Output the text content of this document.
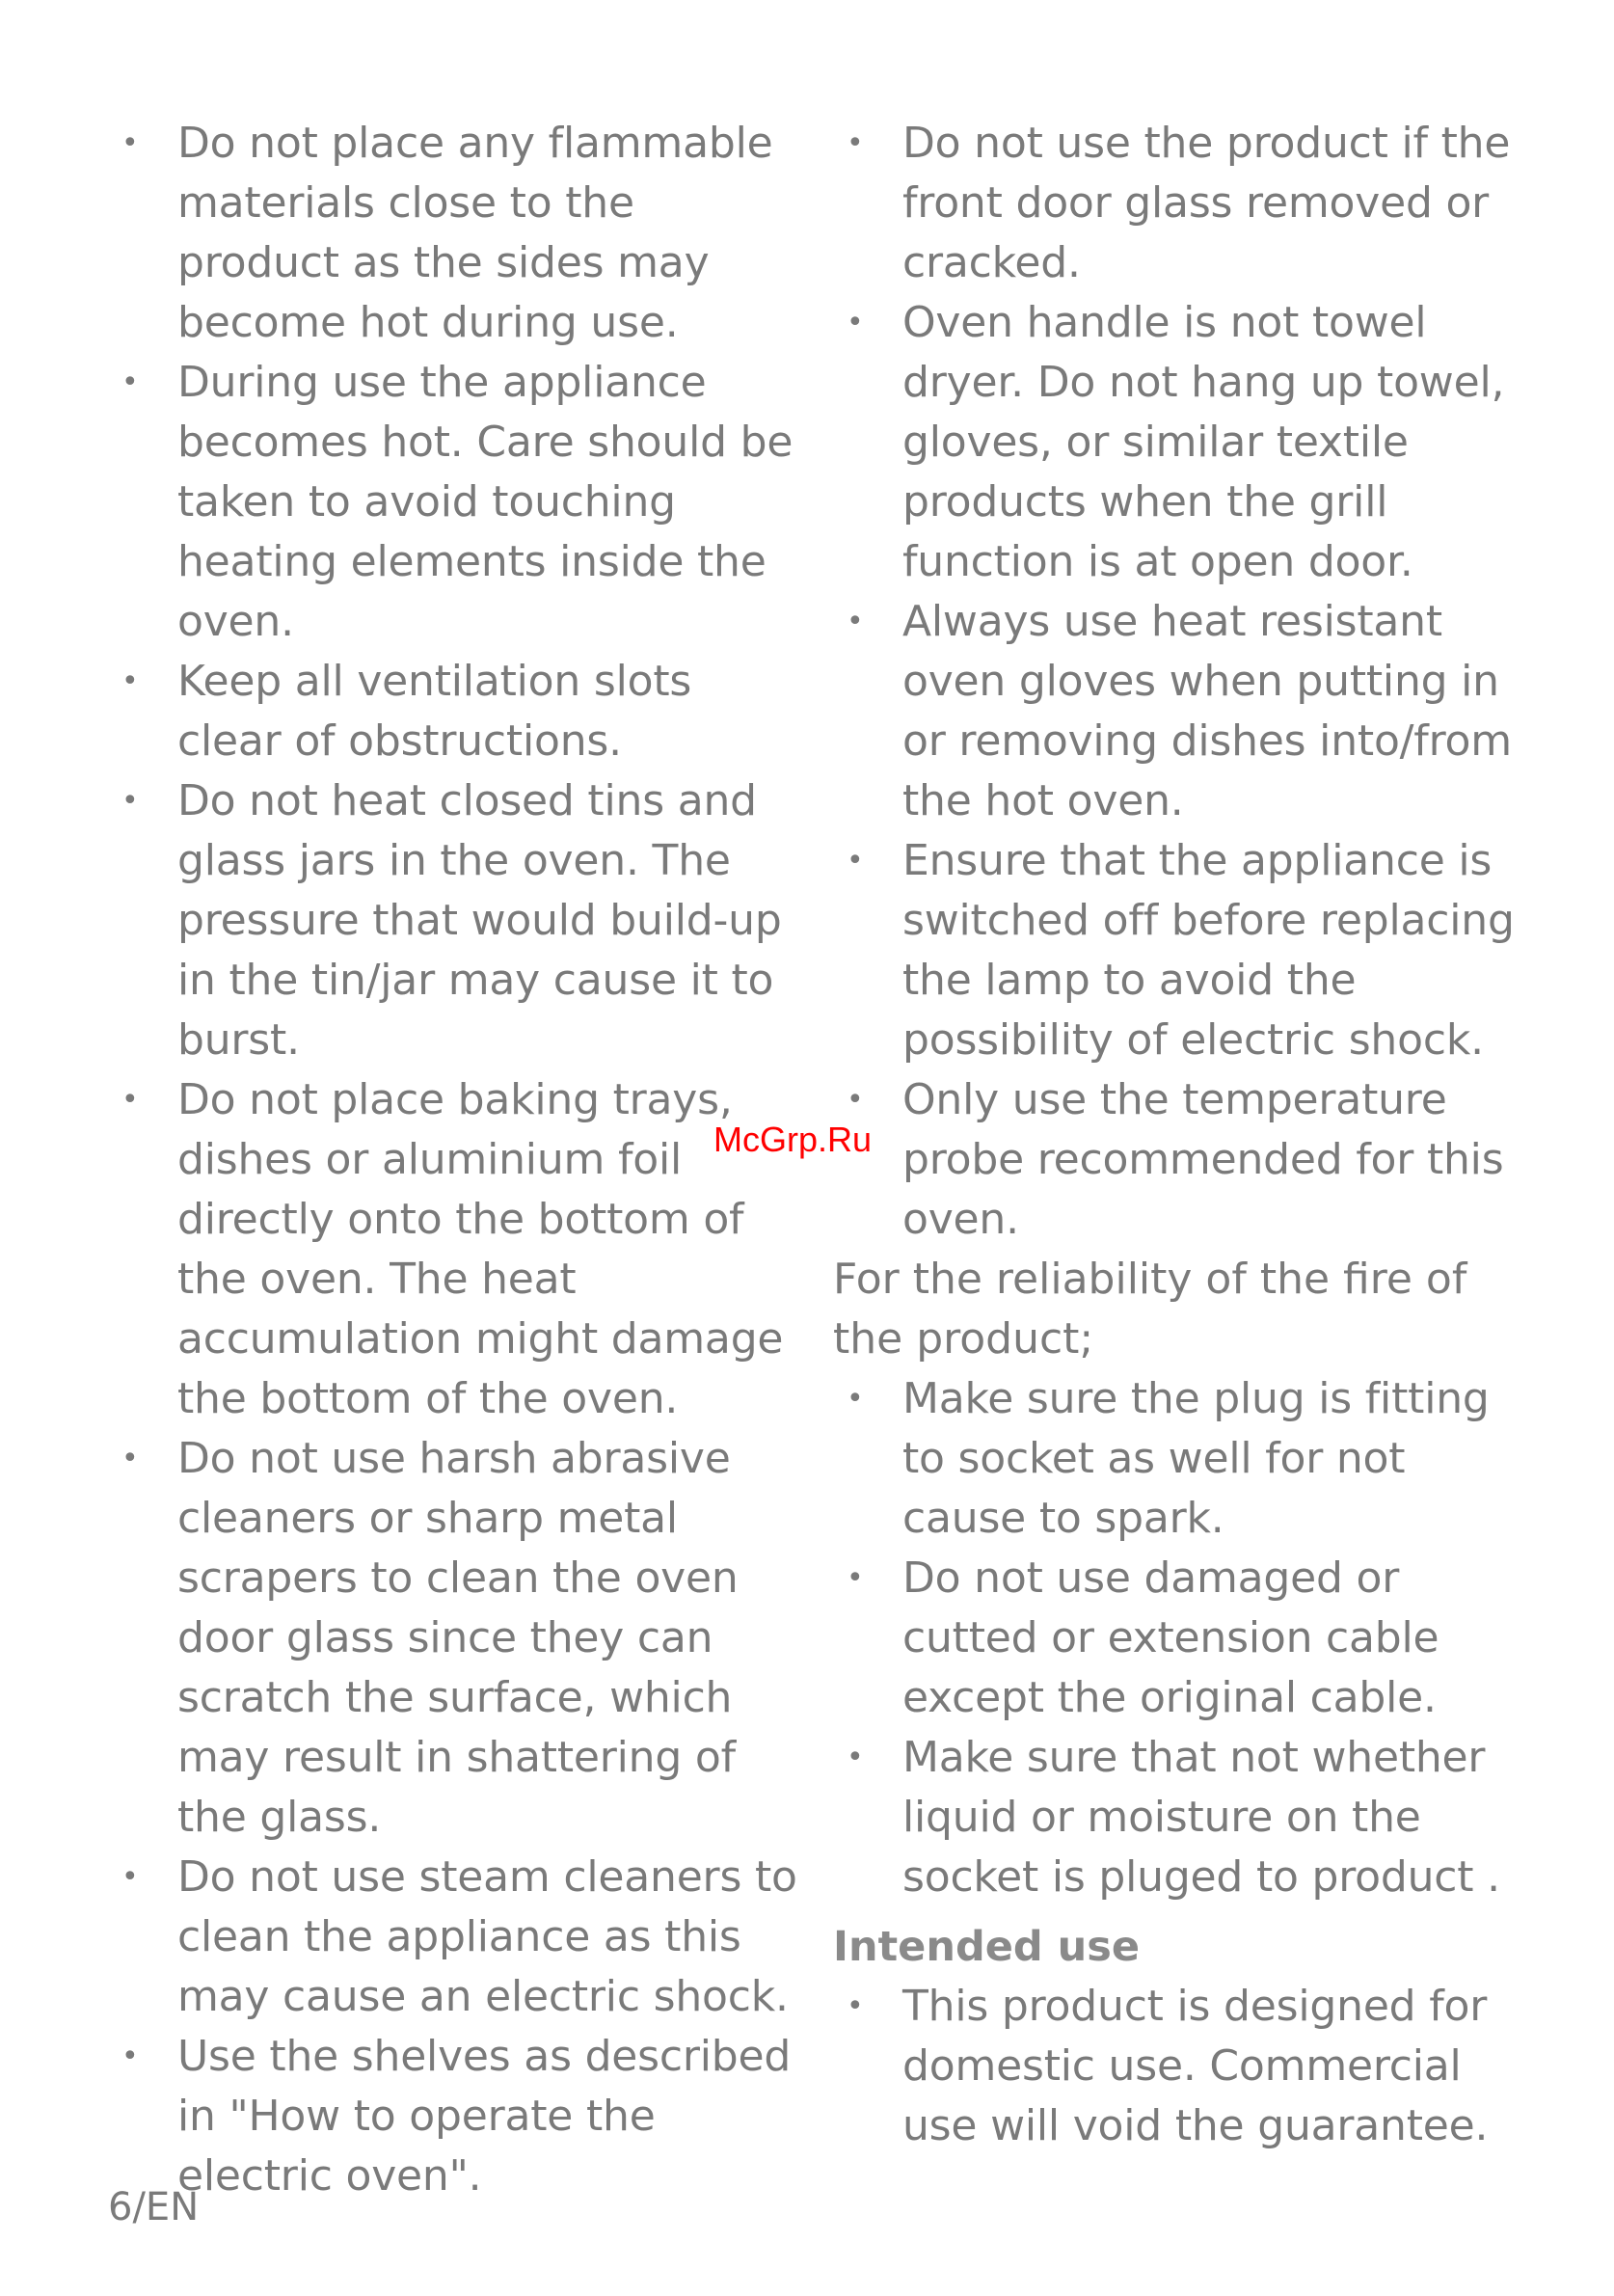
• Do not place any flammable materials close to the product as the sides may become hot during use.
• During use the appliance becomes hot. Care should be taken to avoid touching heating elements inside the oven.
• Keep all ventilation slots clear of obstructions.
• Do not heat closed tins and glass jars in the oven. The pressure that would build-up in the tin/jar may cause it to burst.
• Do not place baking trays, dishes or aluminium foil directly onto the bottom of the oven. The heat accumulation might damage the bottom of the oven.
• Do not use harsh abrasive cleaners or sharp metal scrapers to clean the oven door glass since they can scratch the surface, which may result in shattering of the glass.
• Do not use steam cleaners to clean the appliance as this may cause an electric shock.
• Use the shelves as described in "How to operate the electric oven".
• Do not use the product if the front door glass removed or cracked.
• Oven handle is not towel dryer. Do not hang up towel, gloves, or similar textile products when the grill function is at open door.
• Always use heat resistant oven gloves when putting in or removing dishes into/from the hot oven.
• Ensure that the appliance is switched off before replacing the lamp to avoid the possibility of electric shock.
• Only use the temperature probe recommended for this oven.

For the reliability of the fire of the product;

• Make sure the plug is fitting to socket as well for not cause to spark.
• Do not use damaged or cutted or extension cable except the original cable.
• Make sure that not whether liquid or moisture on the socket is pluged to product .
Intended use
• This product is designed for domestic use. Commercial use will void the guarantee.
McGrp.Ru
6/EN
